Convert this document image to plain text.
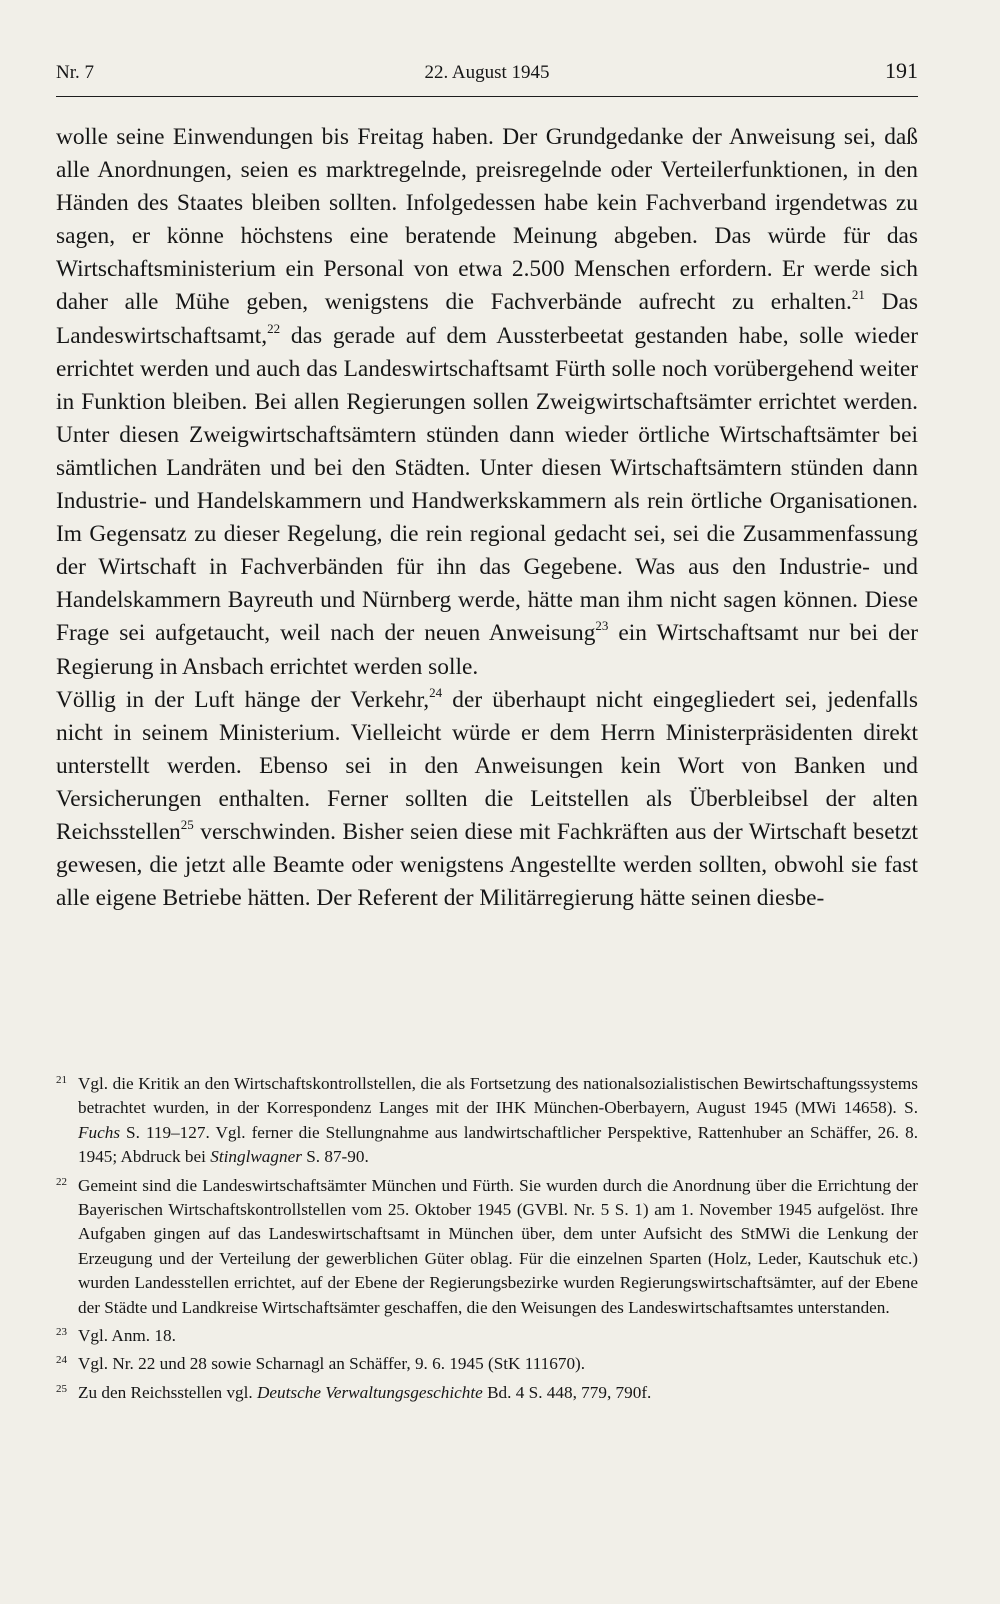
Nr. 7	22. August 1945	191

wolle seine Einwendungen bis Freitag haben. Der Grundgedanke der Anweisung sei, daß alle Anordnungen, seien es marktregelnde, preisregelnde oder Verteilerfunktionen, in den Händen des Staates bleiben sollten. Infolgedessen habe kein Fachverband irgendetwas zu sagen, er könne höchstens eine beratende Meinung abgeben. Das würde für das Wirtschaftsministerium ein Personal von etwa 2.500 Menschen erfordern. Er werde sich daher alle Mühe geben, wenigstens die Fachverbände aufrecht zu erhalten.$^{21}$ Das Landeswirtschaftsamt,$^{22}$ das gerade auf dem Aussterbeetat gestanden habe, solle wieder errichtet werden und auch das Landeswirtschaftsamt Fürth solle noch vorübergehend weiter in Funktion bleiben. Bei allen Regierungen sollen Zweigwirtschaftsämter errichtet werden. Unter diesen Zweigwirtschaftsämtern stünden dann wieder örtliche Wirtschaftsämter bei sämtlichen Landräten und bei den Städten. Unter diesen Wirtschaftsämtern stünden dann Industrie- und Handelskammern und Handwerkskammern als rein örtliche Organisationen. Im Gegensatz zu dieser Regelung, die rein regional gedacht sei, sei die Zusammenfassung der Wirtschaft in Fachverbänden für ihn das Gegebene. Was aus den Industrie- und Handelskammern Bayreuth und Nürnberg werde, hätte man ihm nicht sagen können. Diese Frage sei aufgetaucht, weil nach der neuen Anweisung$^{23}$ ein Wirtschaftsamt nur bei der Regierung in Ansbach errichtet werden solle.

Völlig in der Luft hänge der Verkehr,$^{24}$ der überhaupt nicht eingegliedert sei, jedenfalls nicht in seinem Ministerium. Vielleicht würde er dem Herrn Ministerpräsidenten direkt unterstellt werden. Ebenso sei in den Anweisungen kein Wort von Banken und Versicherungen enthalten. Ferner sollten die Leitstellen als Überbleibsel der alten Reichsstellen$^{25}$ verschwinden. Bisher seien diese mit Fachkräften aus der Wirtschaft besetzt gewesen, die jetzt alle Beamte oder wenigstens Angestellte werden sollten, obwohl sie fast alle eigene Betriebe hätten. Der Referent der Militärregierung hätte seinen diesbe-

21 Vgl. die Kritik an den Wirtschaftskontrollstellen, die als Fortsetzung des nationalsozialistischen Bewirtschaftungssystems betrachtet wurden, in der Korrespondenz Langes mit der IHK München-Oberbayern, August 1945 (MWi 14658). S. Fuchs S. 119–127. Vgl. ferner die Stellungnahme aus landwirtschaftlicher Perspektive, Rattenhuber an Schäffer, 26. 8. 1945; Abdruck bei Stinglwagner S. 87-90.
22 Gemeint sind die Landeswirtschaftsämter München und Fürth. Sie wurden durch die Anordnung über die Errichtung der Bayerischen Wirtschaftskontrollstellen vom 25. Oktober 1945 (GVBl. Nr. 5 S. 1) am 1. November 1945 aufgelöst. Ihre Aufgaben gingen auf das Landeswirtschaftsamt in München über, dem unter Aufsicht des StMWi die Lenkung der Erzeugung und der Verteilung der gewerblichen Güter oblag. Für die einzelnen Sparten (Holz, Leder, Kautschuk etc.) wurden Landesstellen errichtet, auf der Ebene der Regierungsbezirke wurden Regierungswirtschaftsämter, auf der Ebene der Städte und Landkreise Wirtschaftsämter geschaffen, die den Weisungen des Landeswirtschaftsamtes unterstanden.
23 Vgl. Anm. 18.
24 Vgl. Nr. 22 und 28 sowie Scharnagl an Schäffer, 9. 6. 1945 (StK 111670).
25 Zu den Reichsstellen vgl. Deutsche Verwaltungsgeschichte Bd. 4 S. 448, 779, 790f.
